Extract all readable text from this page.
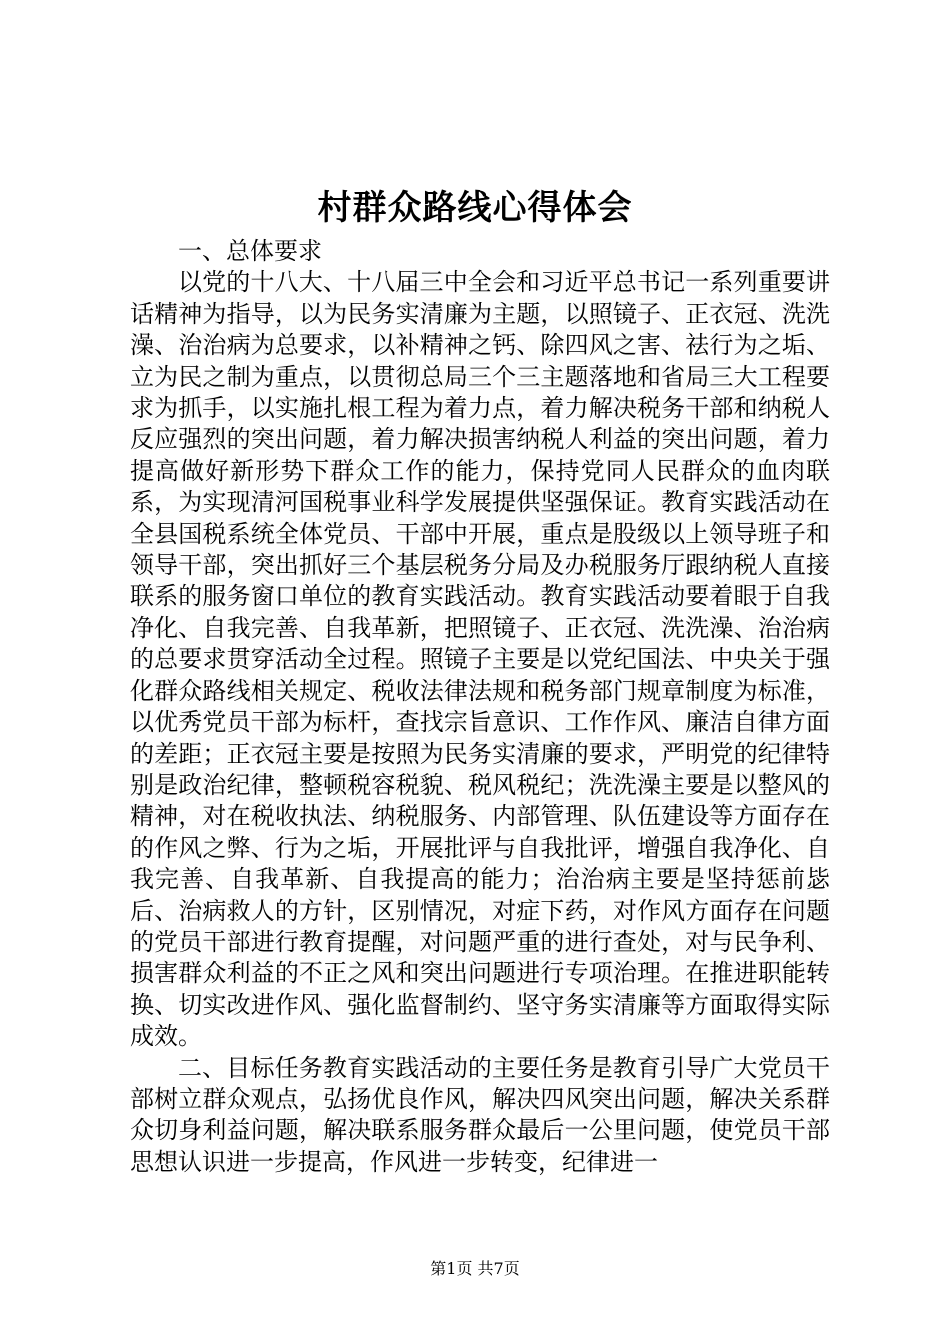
村群众路线心得体会

一、总体要求

以党的十八大、十八届三中全会和习近平总书记一系列重要讲话精神为指导，以为民务实清廉为主题，以照镜子、正衣冠、洗洗澡、治治病为总要求，以补精神之钙、除四风之害、祛行为之垢、立为民之制为重点，以贯彻总局三个三主题落地和省局三大工程要求为抓手，以实施扎根工程为着力点，着力解决税务干部和纳税人反应强烈的突出问题，着力解决损害纳税人利益的突出问题，着力提高做好新形势下群众工作的能力，保持党同人民群众的血肉联系，为实现清河国税事业科学发展提供坚强保证。教育实践活动在全县国税系统全体党员、干部中开展，重点是股级以上领导班子和领导干部，突出抓好三个基层税务分局及办税服务厅跟纳税人直接联系的服务窗口单位的教育实践活动。教育实践活动要着眼于自我净化、自我完善、自我革新，把照镜子、正衣冠、洗洗澡、治治病的总要求贯穿活动全过程。照镜子主要是以党纪国法、中央关于强化群众路线相关规定、税收法律法规和税务部门规章制度为标准，以优秀党员干部为标杆，查找宗旨意识、工作作风、廉洁自律方面的差距；正衣冠主要是按照为民务实清廉的要求，严明党的纪律特别是政治纪律，整顿税容税貌、税风税纪；洗洗澡主要是以整风的精神，对在税收执法、纳税服务、内部管理、队伍建设等方面存在的作风之弊、行为之垢，开展批评与自我批评，增强自我净化、自我完善、自我革新、自我提高的能力；治治病主要是坚持惩前毖后、治病救人的方针，区别情况，对症下药，对作风方面存在问题的党员干部进行教育提醒，对问题严重的进行查处，对与民争利、损害群众利益的不正之风和突出问题进行专项治理。在推进职能转换、切实改进作风、强化监督制约、坚守务实清廉等方面取得实际成效。

二、目标任务教育实践活动的主要任务是教育引导广大党员干部树立群众观点，弘扬优良作风，解决四风突出问题，解决关系群众切身利益问题，解决联系服务群众最后一公里问题，使党员干部思想认识进一步提高，作风进一步转变，纪律进一

第1页 共7页
